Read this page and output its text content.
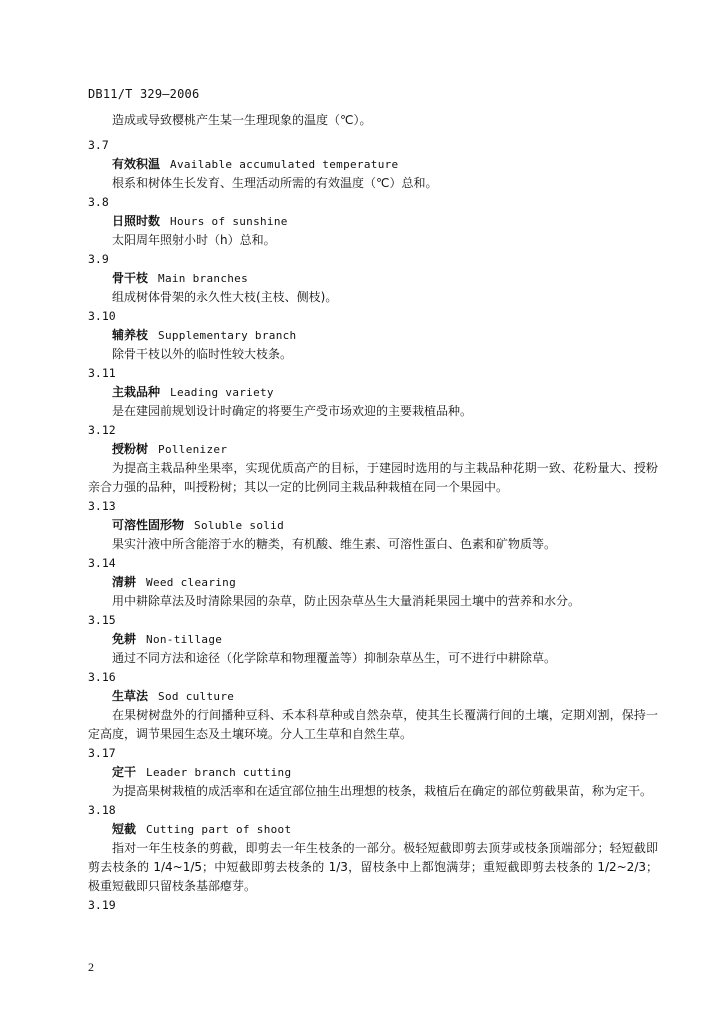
DB11/T 329—2006
造成或导致樱桃产生某一生理现象的温度（℃）。
3.7
有效积温 Available accumulated temperature
根系和树体生长发育、生理活动所需的有效温度（℃）总和。
3.8
日照时数 Hours of sunshine
太阳周年照射小时（h）总和。
3.9
骨干枝 Main branches
组成树体骨架的永久性大枝(主枝、侧枝)。
3.10
辅养枝 Supplementary branch
除骨干枝以外的临时性较大枝条。
3.11
主栽品种 Leading variety
是在建园前规划设计时确定的将要生产受市场欢迎的主要栽植品种。
3.12
授粉树 Pollenizer
为提高主栽品种坐果率，实现优质高产的目标，于建园时选用的与主栽品种花期一致、花粉量大、授粉亲合力强的品种，叫授粉树；其以一定的比例同主栽品种栽植在同一个果园中。
3.13
可溶性固形物 Soluble solid
果实汁液中所含能溶于水的糖类，有机酸、维生素、可溶性蛋白、色素和矿物质等。
3.14
清耕 Weed clearing
用中耕除草法及时清除果园的杂草，防止因杂草丛生大量消耗果园土壤中的营养和水分。
3.15
免耕 Non-tillage
通过不同方法和途径（化学除草和物理覆盖等）抑制杂草丛生，可不进行中耕除草。
3.16
生草法 Sod culture
在果树树盘外的行间播种豆科、禾本科草种或自然杂草，使其生长覆满行间的土壤，定期刈割，保持一定高度，调节果园生态及土壤环境。分人工生草和自然生草。
3.17
定干 Leader branch cutting
为提高果树栽植的成活率和在适宜部位抽生出理想的枝条，栽植后在确定的部位剪截果苗，称为定干。
3.18
短截 Cutting part of shoot
指对一年生枝条的剪截，即剪去一年生枝条的一部分。极轻短截即剪去顶芽或枝条顶端部分；轻短截即剪去枝条的 1/4~1/5；中短截即剪去枝条的 1/3，留枝条中上都饱满芽；重短截即剪去枝条的 1/2~2/3；极重短截即只留枝条基部瘪芽。
3.19
2
